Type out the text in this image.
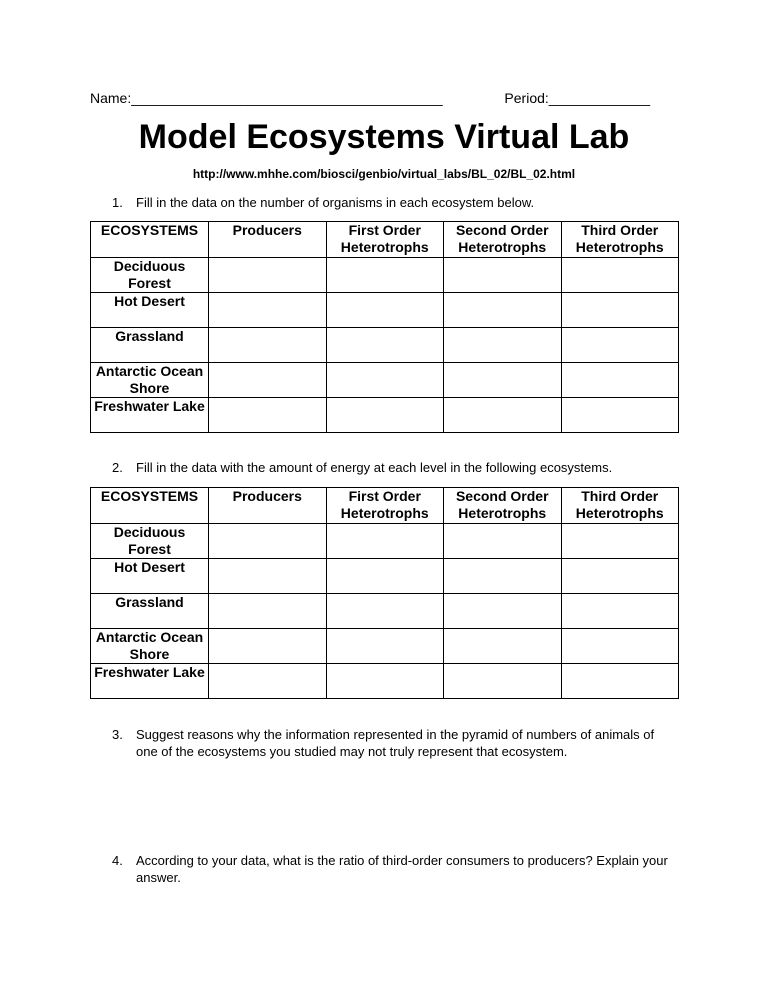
Name:________________________________________	Period:_____________
Model Ecosystems Virtual Lab
http://www.mhhe.com/biosci/genbio/virtual_labs/BL_02/BL_02.html
1.	Fill in the data on the number of organisms in each ecosystem below.
ECOSYSTEMS	Producers	First Order Heterotrophs	Second Order Heterotrophs	Third Order Heterotrophs
Deciduous Forest				
Hot Desert				
Grassland				
Antarctic Ocean Shore				
Freshwater Lake				
2.	Fill in the data with the amount of energy at each level in the following ecosystems.
ECOSYSTEMS	Producers	First Order Heterotrophs	Second Order Heterotrophs	Third Order Heterotrophs
Deciduous Forest				
Hot Desert				
Grassland				
Antarctic Ocean Shore				
Freshwater Lake				
3.	Suggest reasons why the information represented in the pyramid of numbers of animals of one of the ecosystems you studied may not truly represent that ecosystem.
4.	According to your data, what is the ratio of third-order consumers to producers? Explain your answer.
